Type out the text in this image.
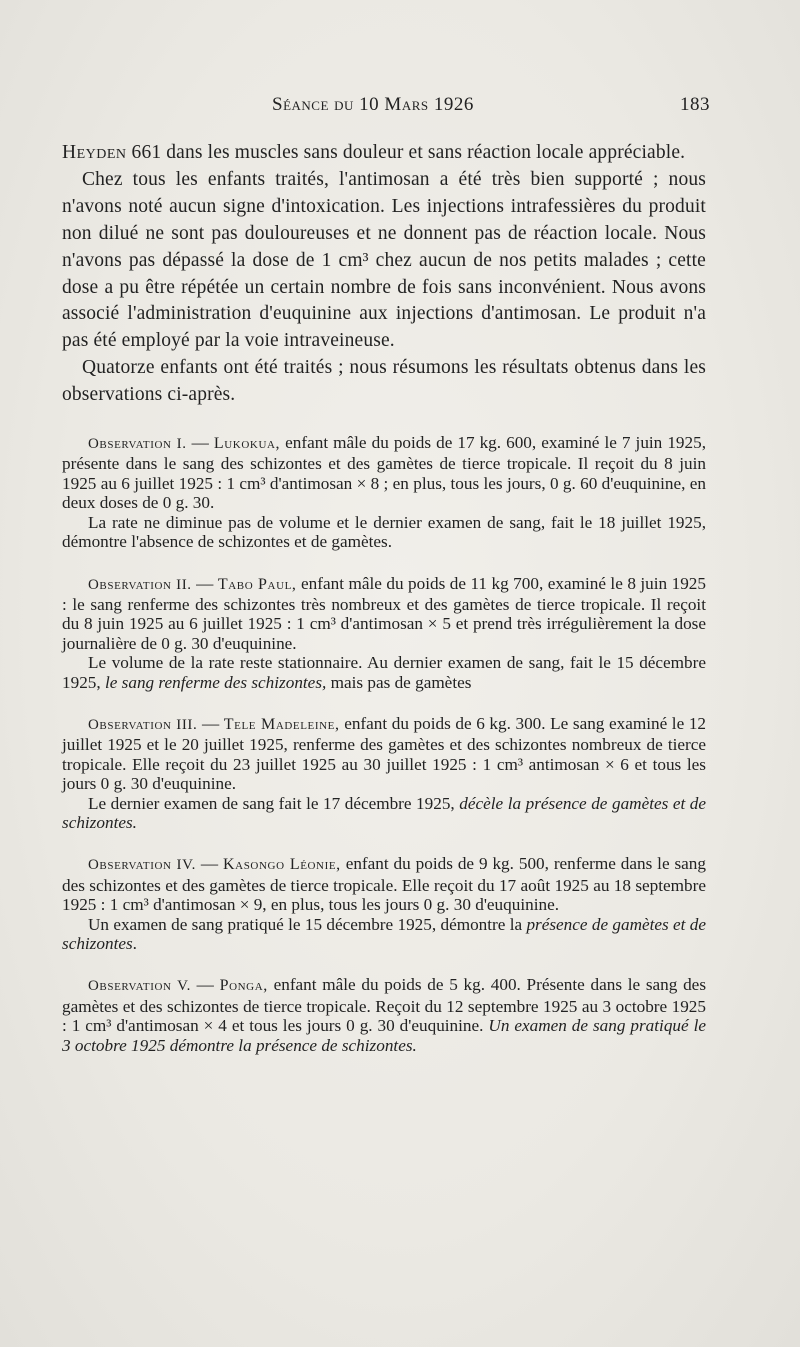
Séance du 10 Mars 1926	183

Heyden 661 dans les muscles sans douleur et sans réaction locale appréciable.

Chez tous les enfants traités, l'antimosan a été très bien supporté ; nous n'avons noté aucun signe d'intoxication. Les injections intrafessières du produit non dilué ne sont pas douloureuses et ne donnent pas de réaction locale. Nous n'avons pas dépassé la dose de 1 cm³ chez aucun de nos petits malades ; cette dose a pu être répétée un certain nombre de fois sans inconvénient. Nous avons associé l'administration d'euquinine aux injections d'antimosan. Le produit n'a pas été employé par la voie intraveineuse.

Quatorze enfants ont été traités ; nous résumons les résultats obtenus dans les observations ci-après.

Observation I. — Lukokua, enfant mâle du poids de 17 kg. 600, examiné le 7 juin 1925, présente dans le sang des schizontes et des gamètes de tierce tropicale. Il reçoit du 8 juin 1925 au 6 juillet 1925 : 1 cm³ d'antimosan × 8 ; en plus, tous les jours, 0 g. 60 d'euquinine, en deux doses de 0 g. 30.

La rate ne diminue pas de volume et le dernier examen de sang, fait le 18 juillet 1925, démontre l'absence de schizontes et de gamètes.

Observation II. — Tabo Paul, enfant mâle du poids de 11 kg 700, examiné le 8 juin 1925 : le sang renferme des schizontes très nombreux et des gamètes de tierce tropicale. Il reçoit du 8 juin 1925 au 6 juillet 1925 : 1 cm³ d'antimosan × 5 et prend très irrégulièrement la dose journalière de 0 g. 30 d'euquinine.

Le volume de la rate reste stationnaire. Au dernier examen de sang, fait le 15 décembre 1925, le sang renferme des schizontes, mais pas de gamètes

Observation III. — Tele Madeleine, enfant du poids de 6 kg. 300. Le sang examiné le 12 juillet 1925 et le 20 juillet 1925, renferme des gamètes et des schizontes nombreux de tierce tropicale. Elle reçoit du 23 juillet 1925 au 30 juillet 1925 : 1 cm³ antimosan × 6 et tous les jours 0 g. 30 d'euquinine.

Le dernier examen de sang fait le 17 décembre 1925, décèle la présence de gamètes et de schizontes.

Observation IV. — Kasongo Léonie, enfant du poids de 9 kg. 500, renferme dans le sang des schizontes et des gamètes de tierce tropicale. Elle reçoit du 17 août 1925 au 18 septembre 1925 : 1 cm³ d'antimosan × 9, en plus, tous les jours 0 g. 30 d'euquinine.

Un examen de sang pratiqué le 15 décembre 1925, démontre la présence de gamètes et de schizontes.

Observation V. — Ponga, enfant mâle du poids de 5 kg. 400. Présente dans le sang des gamètes et des schizontes de tierce tropicale. Reçoit du 12 septembre 1925 au 3 octobre 1925 : 1 cm³ d'antimosan × 4 et tous les jours 0 g. 30 d'euquinine. Un examen de sang pratiqué le 3 octobre 1925 démontre la présence de schizontes.
